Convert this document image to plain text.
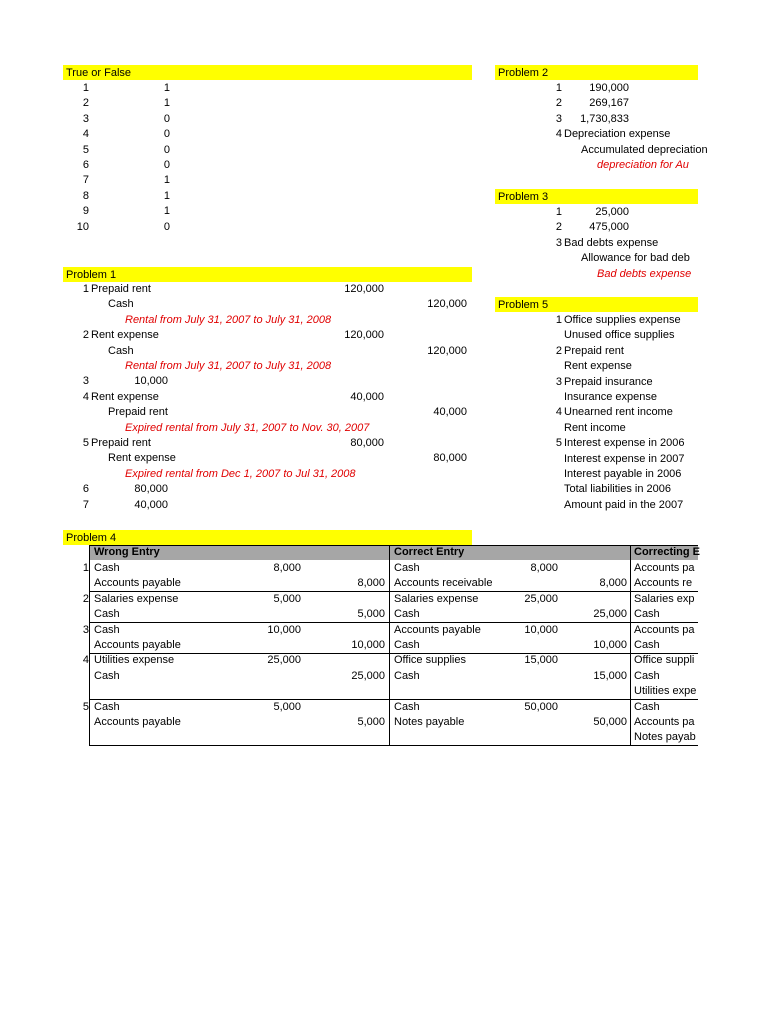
True or False	Problem 2
Problem 3
Problem 1
Problem 5
Problem 4
Wrong Entry	Correct Entry	Correcting E
1	1
2	1
3	0
4	0
5	0
6	0
7	1
8	1
9	1
10	0
1 Prepaid rent	120,000
Cash	120,000
Rental from July 31, 2007 to July 31, 2008
2 Rent expense	120,000
Cash	120,000
Rental from July 31, 2007 to July 31, 2008
3	10,000
4 Rent expense	40,000
Prepaid rent	40,000
Expired rental from July 31, 2007 to Nov. 30, 2007
5 Prepaid rent	80,000
Rent expense	80,000
Expired rental from Dec 1, 2007 to Jul 31, 2008
6	80,000
7	40,000
1	190,000
2	269,167
3	1,730,833
4 Depreciation expense
Accumulated depreciation
depreciation for Au
1	25,000
2	475,000
3 Bad debts expense
Allowance for bad deb
Bad debts expense
1 Office supplies expense
Unused office supplies
2 Prepaid rent
Rent expense
3 Prepaid insurance
Insurance expense
4 Unearned rent income
Rent income
5 Interest expense in 2006
Interest expense in 2007
Interest payable in 2006
Total liabilities in 2006
Amount paid in the 2007
1 Cash	8,000	Cash	8,000	Accounts pa
Accounts payable	8,000 Accounts receivable	8,000 Accounts re
2 Salaries expense	5,000	Salaries expense	25,000	Salaries exp
Cash	5,000 Cash	25,000 Cash
3 Cash	10,000	Accounts payable	10,000	Accounts pa
Accounts payable	10,000 Cash	10,000 Cash
4 Utilities expense	25,000	Office supplies	15,000	Office suppli
Cash	25,000 Cash	15,000 Cash
Utilities expe
5 Cash	5,000	Cash	50,000	Cash
Accounts payable	5,000 Notes payable	50,000 Accounts pa
Notes payab
